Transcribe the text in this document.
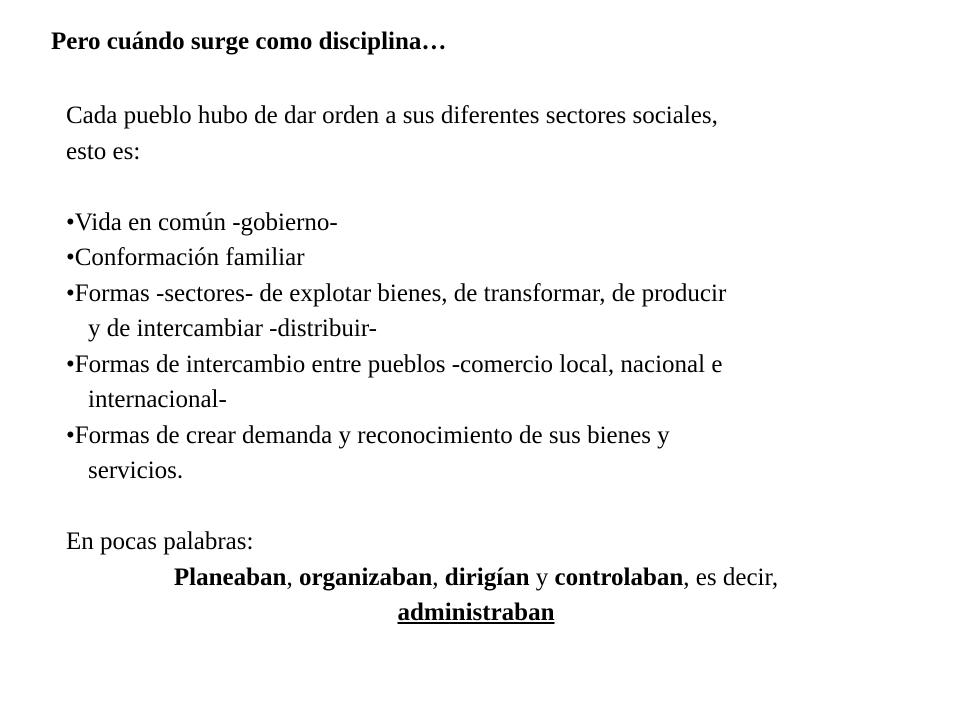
Pero cuándo surge como disciplina…
Cada pueblo hubo de dar orden a sus diferentes sectores sociales,
esto es:
•Vida en común -gobierno-
•Conformación familiar
•Formas -sectores- de explotar bienes, de transformar, de producir
y de intercambiar -distribuir-
•Formas de intercambio entre pueblos -comercio local, nacional e
internacional-
•Formas de crear demanda y reconocimiento de sus bienes y
servicios.
En pocas palabras:
Planeaban, organizaban, dirigían y controlaban, es decir,
administraban
